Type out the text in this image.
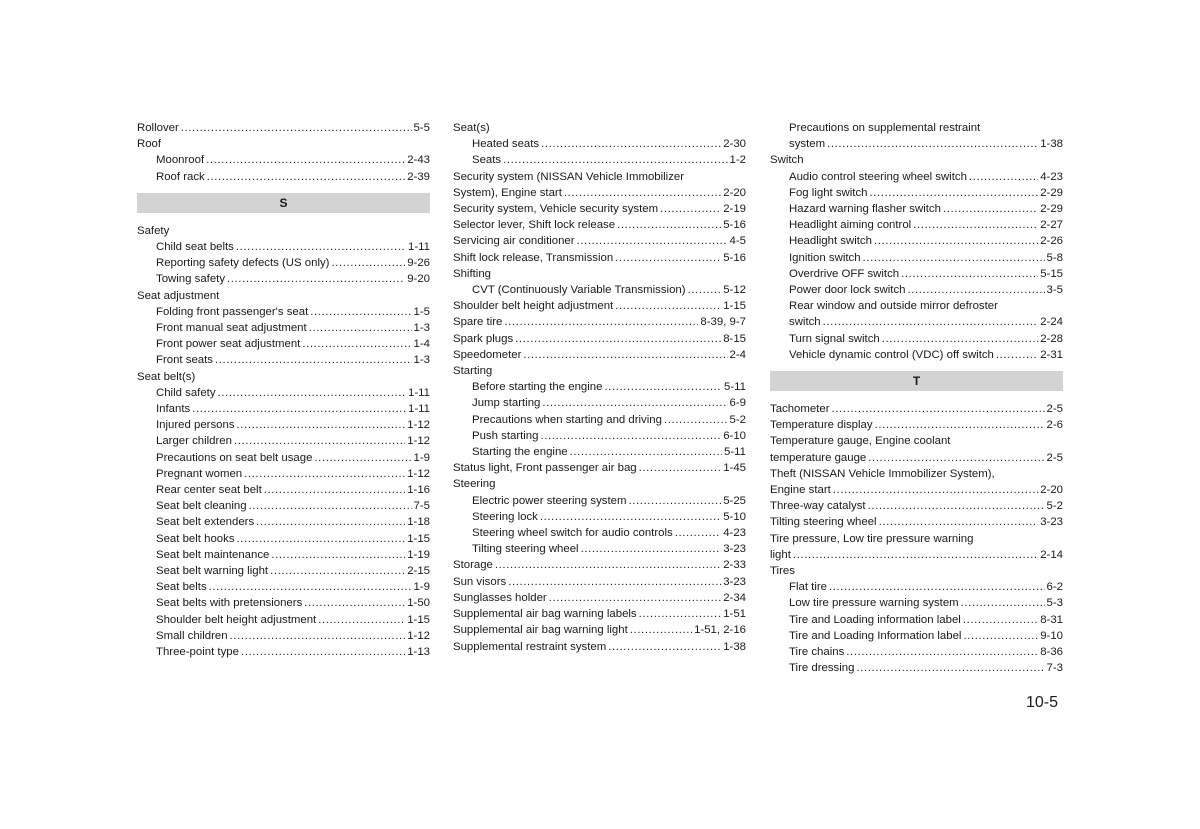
Rollover .....	5-5
Roof
Moonroof .....	2-43
Roof rack .....	2-39
S
Safety
Child seat belts .....	1-11
Reporting safety defects (US only) .....	9-26
Towing safety .....	9-20
Seat adjustment
Folding front passenger's seat .....	1-5
Front manual seat adjustment .....	1-3
Front power seat adjustment .....	1-4
Front seats .....	1-3
Seat belt(s)
Child safety .....	1-11
Infants .....	1-11
Injured persons .....	1-12
Larger children .....	1-12
Precautions on seat belt usage .....	1-9
Pregnant women .....	1-12
Rear center seat belt .....	1-16
Seat belt cleaning .....	7-5
Seat belt extenders .....	1-18
Seat belt hooks .....	1-15
Seat belt maintenance .....	1-19
Seat belt warning light .....	2-15
Seat belts .....	1-9
Seat belts with pretensioners .....	1-50
Shoulder belt height adjustment .....	1-15
Small children .....	1-12
Three-point type .....	1-13
Seat(s)
Heated seats .....	2-30
Seats .....	1-2
Security system (NISSAN Vehicle Immobilizer
System), Engine start .....	2-20
Security system, Vehicle security system .....	2-19
Selector lever, Shift lock release .....	5-16
Servicing air conditioner .....	4-5
Shift lock release, Transmission .....	5-16
Shifting
CVT (Continuously Variable Transmission) .....	5-12
Shoulder belt height adjustment .....	1-15
Spare tire .....	8-39, 9-7
Spark plugs .....	8-15
Speedometer .....	2-4
Starting
Before starting the engine .....	5-11
Jump starting .....	6-9
Precautions when starting and driving .....	5-2
Push starting .....	6-10
Starting the engine .....	5-11
Status light, Front passenger air bag .....	1-45
Steering
Electric power steering system .....	5-25
Steering lock .....	5-10
Steering wheel switch for audio controls .....	4-23
Tilting steering wheel .....	3-23
Storage .....	2-33
Sun visors .....	3-23
Sunglasses holder .....	2-34
Supplemental air bag warning labels .....	1-51
Supplemental air bag warning light .....	1-51, 2-16
Supplemental restraint system .....	1-38
Precautions on supplemental restraint
system .....	1-38
Switch
Audio control steering wheel switch .....	4-23
Fog light switch .....	2-29
Hazard warning flasher switch .....	2-29
Headlight aiming control .....	2-27
Headlight switch .....	2-26
Ignition switch .....	5-8
Overdrive OFF switch .....	5-15
Power door lock switch .....	3-5
Rear window and outside mirror defroster
switch .....	2-24
Turn signal switch .....	2-28
Vehicle dynamic control (VDC) off switch .....	2-31
T
Tachometer .....	2-5
Temperature display .....	2-6
Temperature gauge, Engine coolant
temperature gauge .....	2-5
Theft (NISSAN Vehicle Immobilizer System),
Engine start .....	2-20
Three-way catalyst .....	5-2
Tilting steering wheel .....	3-23
Tire pressure, Low tire pressure warning
light .....	2-14
Tires
Flat tire .....	6-2
Low tire pressure warning system .....	5-3
Tire and Loading information label .....	8-31
Tire and Loading Information label .....	9-10
Tire chains .....	8-36
Tire dressing .....	7-3
10-5
